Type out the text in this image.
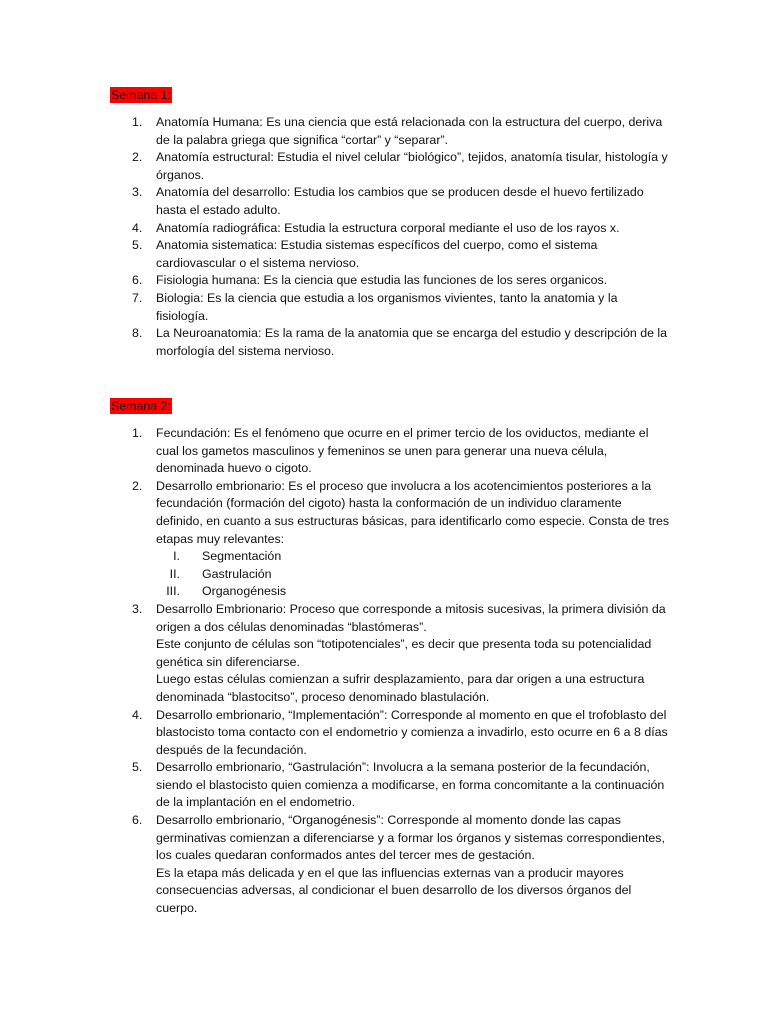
Semana 1:
1. Anatomía Humana: Es una ciencia que está relacionada con la estructura del cuerpo, deriva de la palabra griega que significa “cortar” y “separar”.
2. Anatomía estructural: Estudia el nivel celular “biológico”, tejidos, anatomía tisular, histología y órganos.
3. Anatomía del desarrollo: Estudia los cambios que se producen desde el huevo fertilizado hasta el estado adulto.
4. Anatomía radiográfica: Estudia la estructura corporal mediante el uso de los rayos x.
5. Anatomia sistematica: Estudia sistemas específicos del cuerpo, como el sistema cardiovascular o el sistema nervioso.
6. Fisiologia humana: Es la ciencia que estudia las funciones de los seres organicos.
7. Biologia: Es la ciencia que estudia a los organismos vivientes, tanto la anatomia y la fisiología.
8. La Neuroanatomia: Es la rama de la anatomia que se encarga del estudio y descripción de la morfología del sistema nervioso.
Semana 2:
1. Fecundación: Es el fenómeno que ocurre en el primer tercio de los oviductos, mediante el cual los gametos masculinos y femeninos se unen para generar una nueva célula, denominada huevo o cigoto.
2. Desarrollo embrionario: Es el proceso que involucra a los acotencimientos posteriores a la fecundación (formación del cigoto) hasta la conformación de un individuo claramente definido, en cuanto a sus estructuras básicas, para identificarlo como especie. Consta de tres etapas muy relevantes:
I. Segmentación
II. Gastrulación
III. Organogénesis
3. Desarrollo Embrionario: Proceso que corresponde a mitosis sucesivas, la primera división da origen a dos células denominadas “blastómeras”.
Este conjunto de células son “totipotenciales”, es decir que presenta toda su potencialidad genética sin diferenciarse.
Luego estas células comienzan a sufrir desplazamiento, para dar origen a una estructura denominada “blastocitso”, proceso denominado blastulación.
4. Desarrollo embrionario, “Implementación”: Corresponde al momento en que el trofoblasto del blastocisto toma contacto con el endometrio y comienza a invadirlo, esto ocurre en 6 a 8 días después de la fecundación.
5. Desarrollo embrionario, “Gastrulación”: Involucra a la semana posterior de la fecundación, siendo el blastocisto quien comienza a modificarse, en forma concomitante a la continuación de la implantación en el endometrio.
6. Desarrollo embrionario, “Organogénesis”: Corresponde al momento donde las capas germinativas comienzan a diferenciarse y a formar los órganos y sistemas correspondientes, los cuales quedaran conformados antes del tercer mes de gestación.
Es la etapa más delicada y en el que las influencias externas van a producir mayores consecuencias adversas, al condicionar el buen desarrollo de los diversos órganos del cuerpo.
